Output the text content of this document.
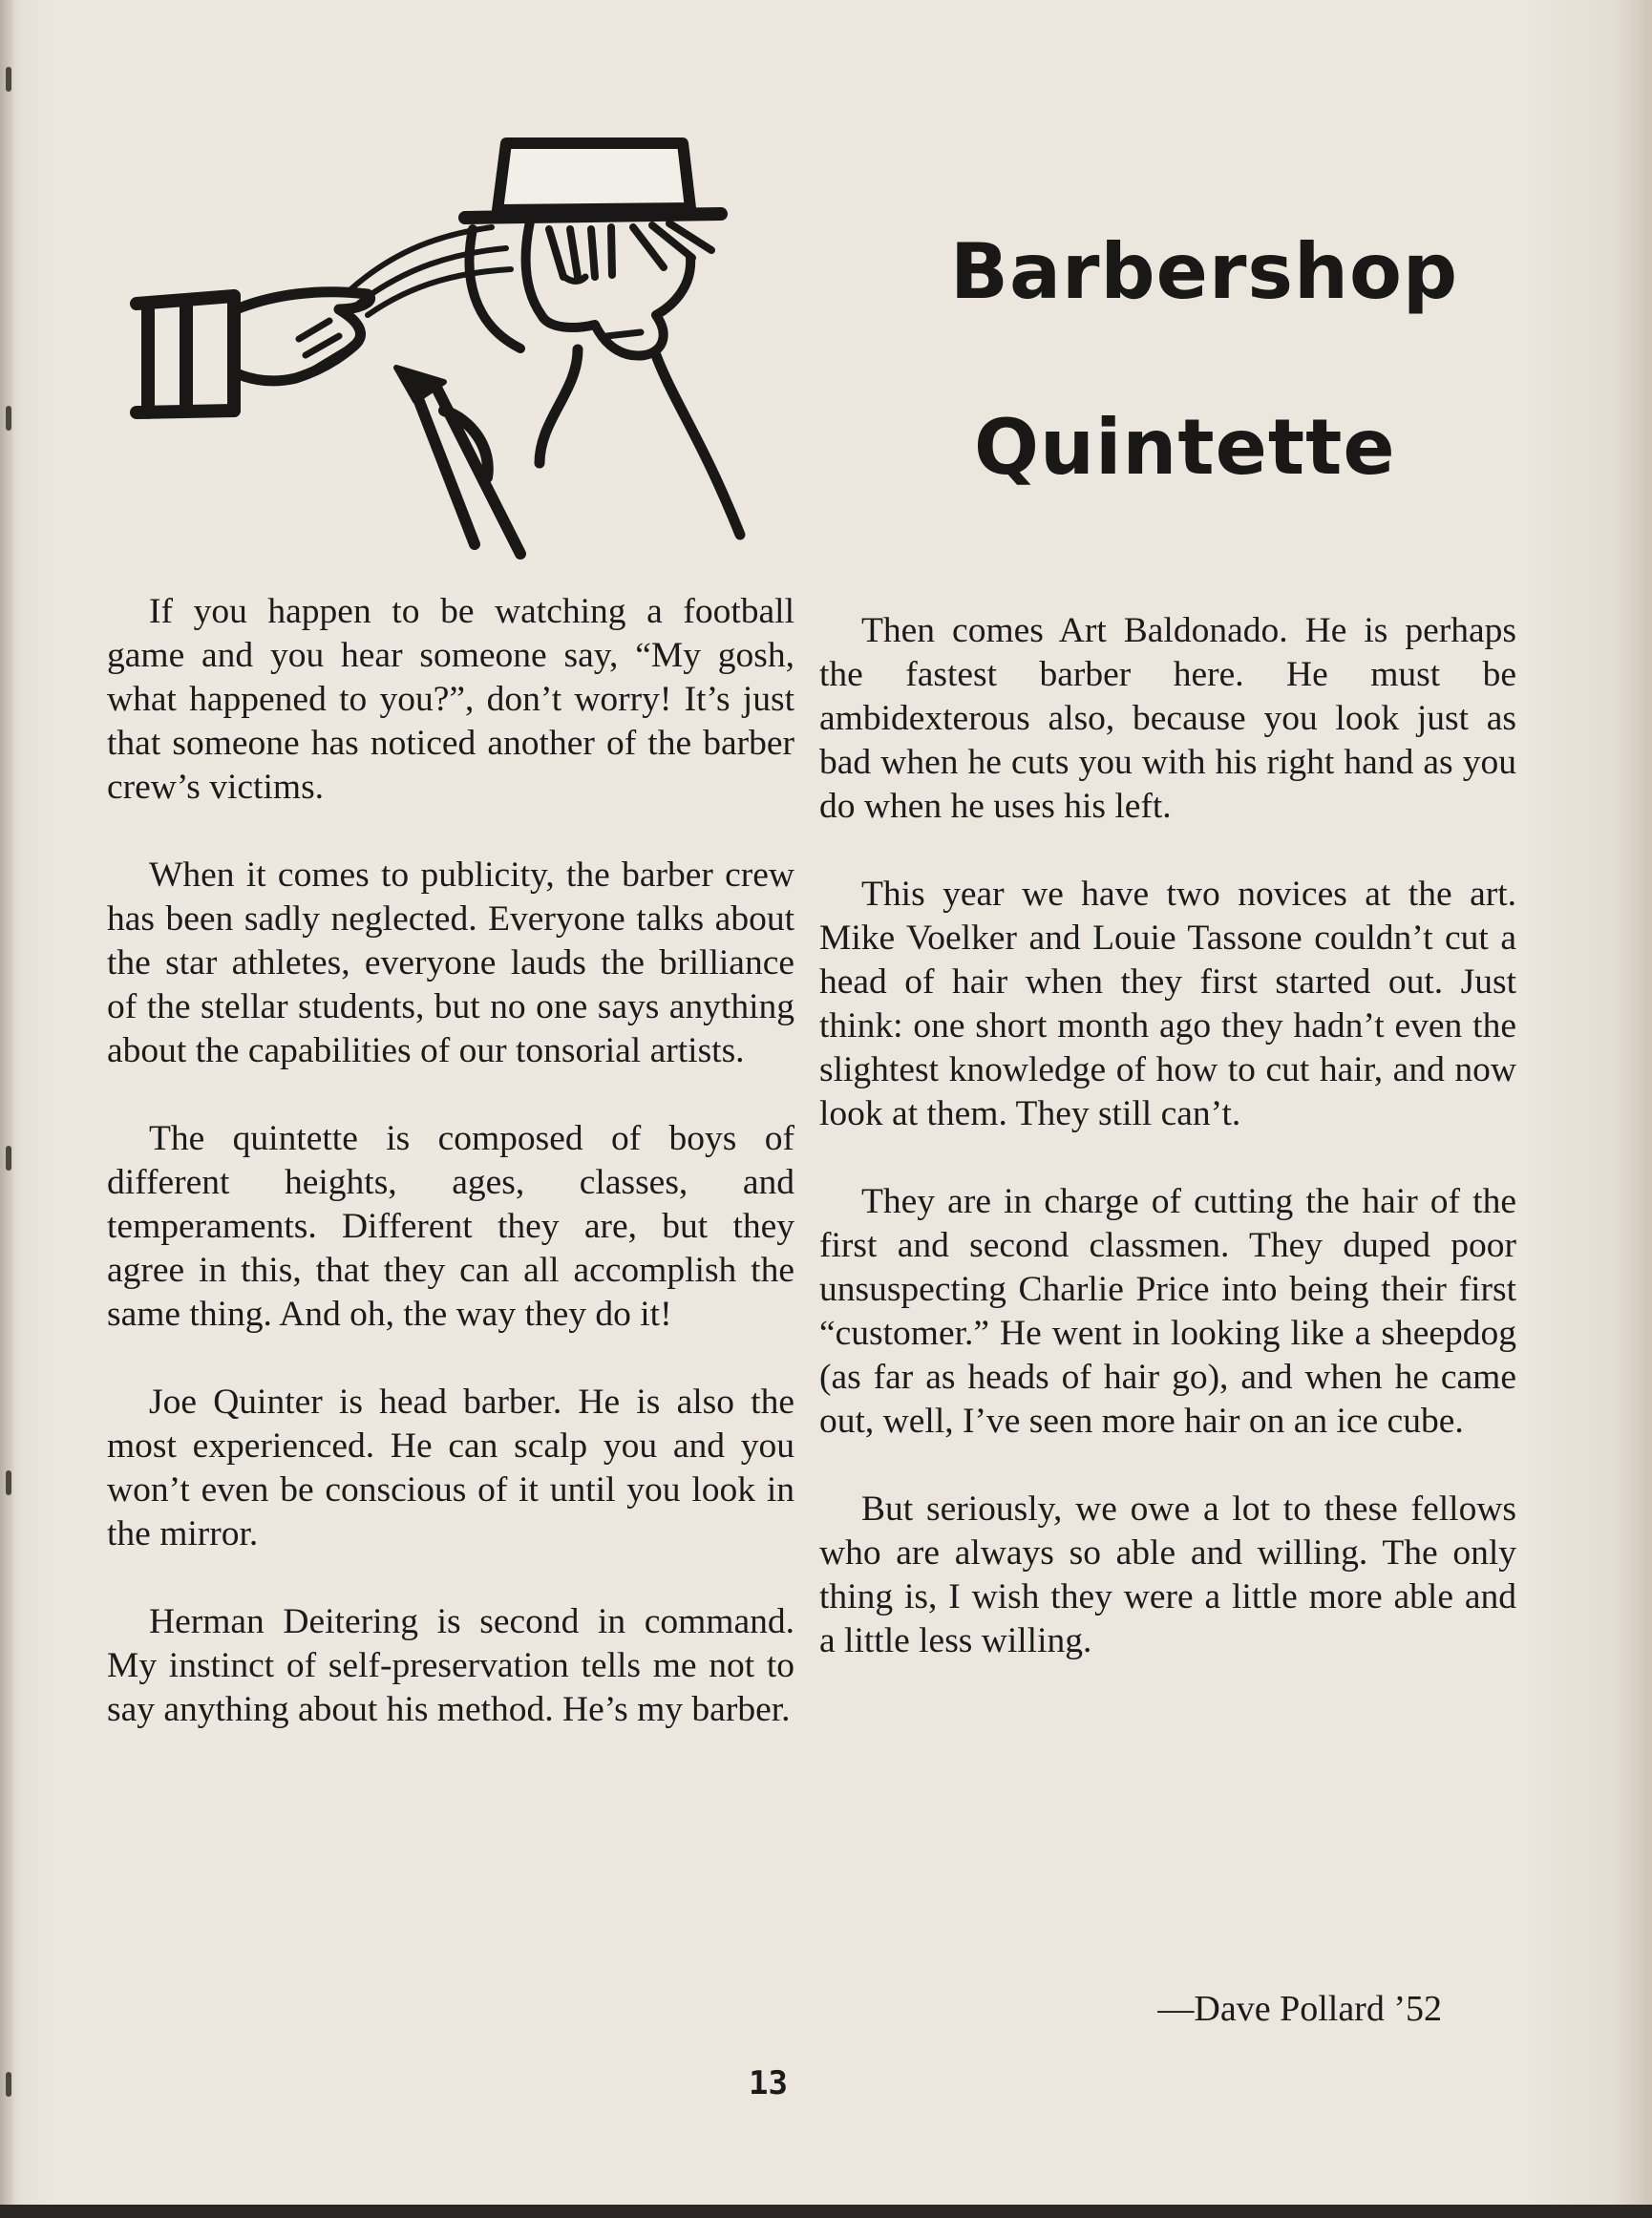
Barbershop
Quintette

If you happen to be watching a football game and you hear someone say, “My gosh, what happened to you?”, don’t worry! It’s just that someone has noticed another of the barber crew’s victims.

When it comes to publicity, the barber crew has been sadly neglected. Everyone talks about the star athletes, everyone lauds the brilliance of the stellar students, but no one says anything about the capabilities of our tonsorial artists.

The quintette is composed of boys of different heights, ages, classes, and temperaments. Different they are, but they agree in this, that they can all accomplish the same thing. And oh, the way they do it!

Joe Quinter is head barber. He is also the most experienced. He can scalp you and you won’t even be conscious of it until you look in the mirror.

Herman Deitering is second in command. My instinct of self-preservation tells me not to say anything about his method. He’s my barber.

Then comes Art Baldonado. He is perhaps the fastest barber here. He must be ambidexterous also, because you look just as bad when he cuts you with his right hand as you do when he uses his left.

This year we have two novices at the art. Mike Voelker and Louie Tassone couldn’t cut a head of hair when they first started out. Just think: one short month ago they hadn’t even the slightest knowledge of how to cut hair, and now look at them. They still can’t.

They are in charge of cutting the hair of the first and second classmen. They duped poor unsuspecting Charlie Price into being their first “customer.” He went in looking like a sheepdog (as far as heads of hair go), and when he came out, well, I’ve seen more hair on an ice cube.

But seriously, we owe a lot to these fellows who are always so able and willing. The only thing is, I wish they were a little more able and a little less willing.

—Dave Pollard ’52
13
